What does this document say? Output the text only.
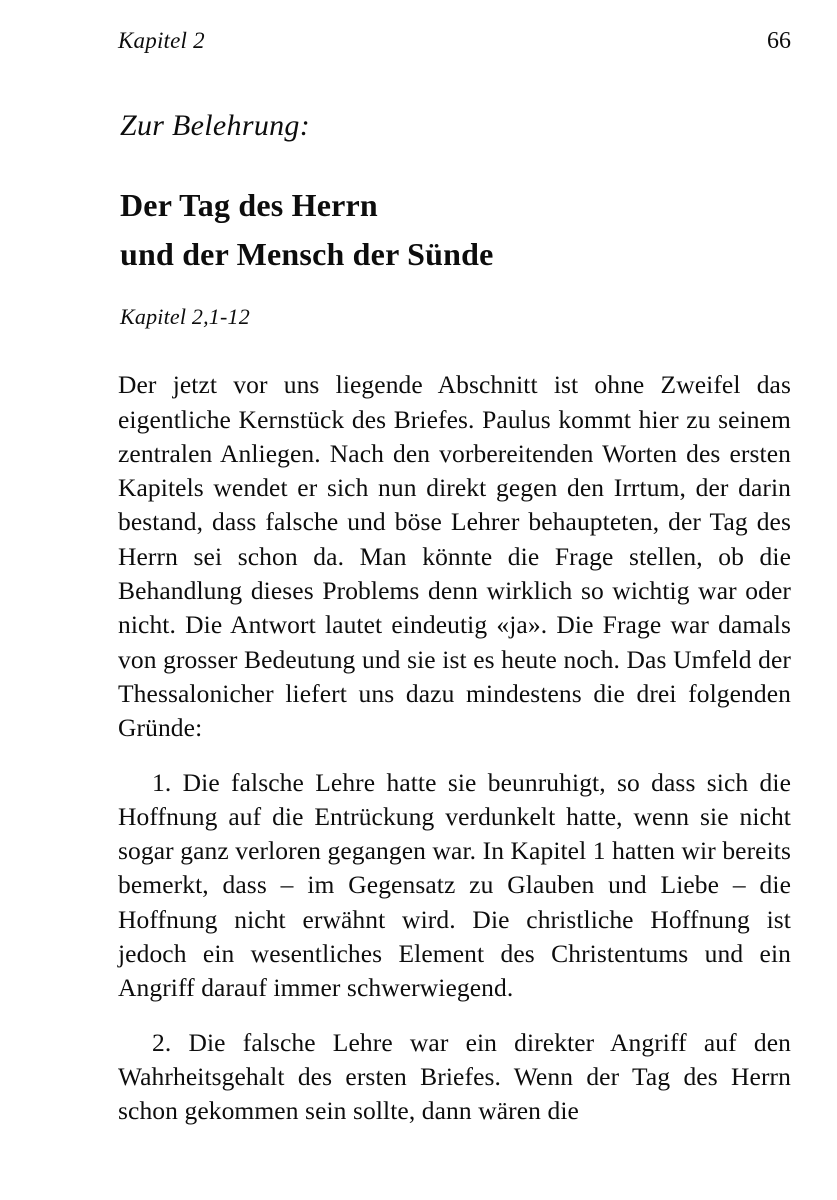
Kapitel 2	66
Zur Belehrung:
Der Tag des Herrn
und der Mensch der Sünde
Kapitel 2,1-12

Der jetzt vor uns liegende Abschnitt ist ohne Zweifel das eigentliche Kernstück des Briefes. Paulus kommt hier zu seinem zentralen Anliegen. Nach den vorbereitenden Worten des ersten Kapitels wendet er sich nun direkt gegen den Irrtum, der darin bestand, dass falsche und böse Lehrer behaupteten, der Tag des Herrn sei schon da. Man könnte die Frage stellen, ob die Behandlung dieses Problems denn wirklich so wichtig war oder nicht. Die Antwort lautet eindeutig «ja». Die Frage war damals von grosser Bedeutung und sie ist es heute noch. Das Umfeld der Thessalonicher liefert uns dazu mindestens die drei folgenden Gründe:

1. Die falsche Lehre hatte sie beunruhigt, so dass sich die Hoffnung auf die Entrückung verdunkelt hatte, wenn sie nicht sogar ganz verloren gegangen war. In Kapitel 1 hatten wir bereits bemerkt, dass – im Gegensatz zu Glauben und Liebe – die Hoffnung nicht erwähnt wird. Die christliche Hoffnung ist jedoch ein wesentliches Element des Christentums und ein Angriff darauf immer schwerwiegend.

2. Die falsche Lehre war ein direkter Angriff auf den Wahrheitsgehalt des ersten Briefes. Wenn der Tag des Herrn schon gekommen sein sollte, dann wären die
